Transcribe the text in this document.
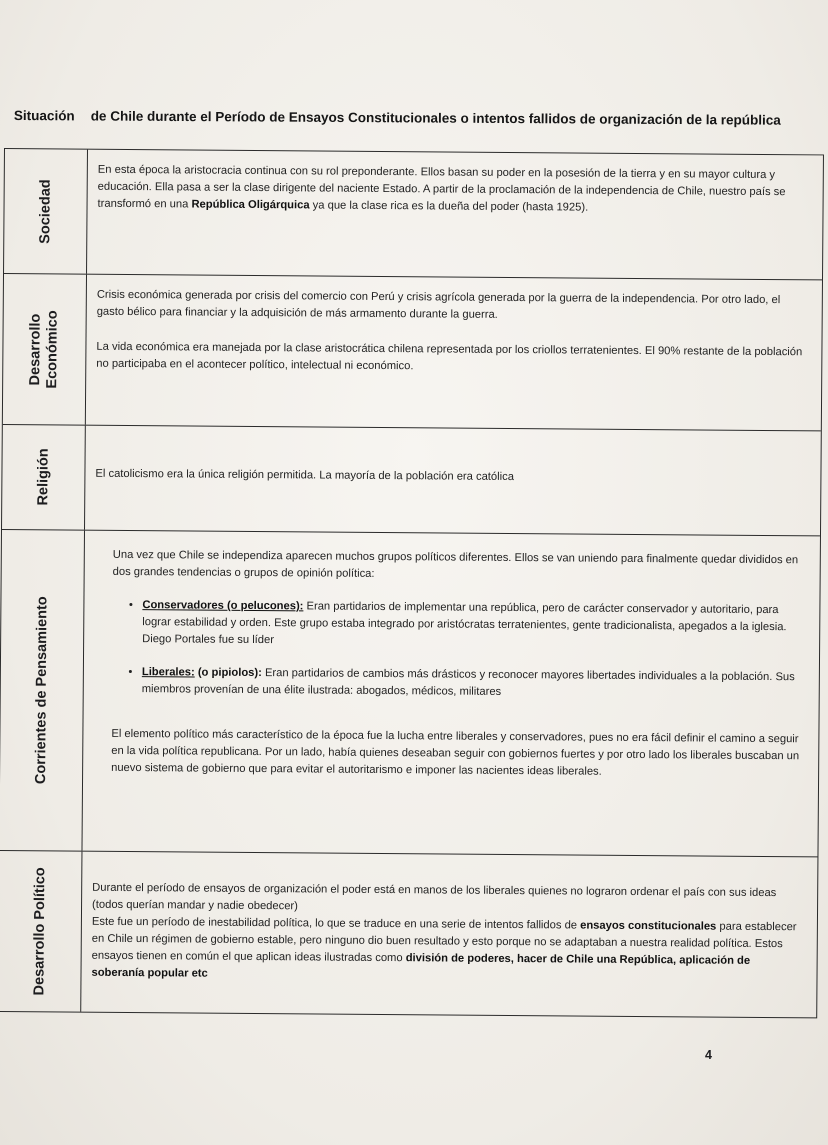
Situación de Chile durante el Período de Ensayos Constitucionales o intentos fallidos de organización de la república
Sociedad

En esta época la aristocracia continua con su rol preponderante. Ellos basan su poder en la posesión de la tierra y en su mayor cultura y educación. Ella pasa a ser la clase dirigente del naciente Estado. A partir de la proclamación de la independencia de Chile, nuestro país se transformó en una República Oligárquica ya que la clase rica es la dueña del poder (hasta 1925).

Desarrollo
Económico

Crisis económica generada por crisis del comercio con Perú y crisis agrícola generada por la guerra de la independencia. Por otro lado, el gasto bélico para financiar y la adquisición de más armamento durante la guerra.

La vida económica era manejada por la clase aristocrática chilena representada por los criollos terratenientes. El 90% restante de la población no participaba en el acontecer político, intelectual ni económico.

Religión	El catolicismo era la única religión permitida. La mayoría de la población era católica

Corrientes de Pensamiento

Una vez que Chile se independiza aparecen muchos grupos políticos diferentes. Ellos se van uniendo para finalmente quedar divididos en dos grandes tendencias o grupos de opinión política:

• Conservadores (o pelucones): Eran partidarios de implementar una república, pero de carácter conservador y autoritario, para lograr estabilidad y orden. Este grupo estaba integrado por aristócratas terratenientes, gente tradicionalista, apegados a la iglesia. Diego Portales fue su líder
• Liberales: (o pipiolos): Eran partidarios de cambios más drásticos y reconocer mayores libertades individuales a la población. Sus miembros provenían de una élite ilustrada: abogados, médicos, militares

El elemento político más característico de la época fue la lucha entre liberales y conservadores, pues no era fácil definir el camino a seguir en la vida política republicana. Por un lado, había quienes deseaban seguir con gobiernos fuertes y por otro lado los liberales buscaban un nuevo sistema de gobierno que para evitar el autoritarismo e imponer las nacientes ideas liberales.

Desarrollo Político	Durante el período de ensayos de organización el poder está en manos de los liberales quienes no lograron ordenar el país con sus ideas (todos querían mandar y nadie obedecer)

Este fue un período de inestabilidad política, lo que se traduce en una serie de intentos fallidos de ensayos constitucionales para establecer en Chile un régimen de gobierno estable, pero ninguno dio buen resultado y esto porque no se adaptaban a nuestra realidad política. Estos ensayos tienen en común el que aplican ideas ilustradas como división de poderes, hacer de Chile una República, aplicación de soberanía popular etc

4
